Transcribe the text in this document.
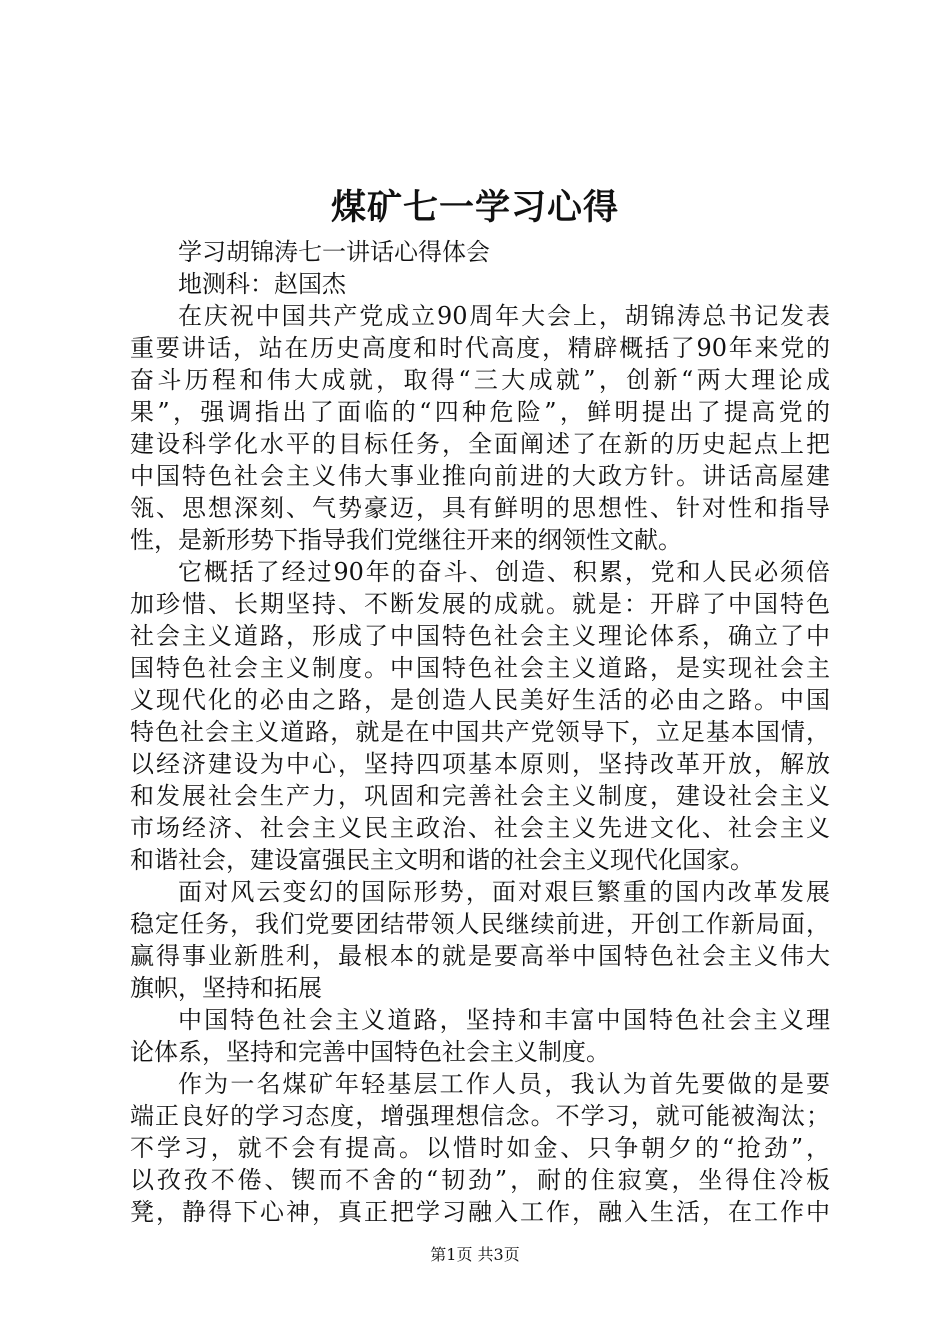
煤矿七一学习心得
学习胡锦涛七一讲话心得体会
地测科：赵国杰
在庆祝中国共产党成立90周年大会上，胡锦涛总书记发表
重要讲话，站在历史高度和时代高度，精辟概括了90年来党的
奋斗历程和伟大成就，取得“三大成就”，创新“两大理论成
果”，强调指出了面临的“四种危险”，鲜明提出了提高党的
建设科学化水平的目标任务，全面阐述了在新的历史起点上把
中国特色社会主义伟大事业推向前进的大政方针。讲话高屋建
瓴、思想深刻、气势豪迈，具有鲜明的思想性、针对性和指导
性，是新形势下指导我们党继往开来的纲领性文献。
它概括了经过90年的奋斗、创造、积累，党和人民必须倍
加珍惜、长期坚持、不断发展的成就。就是：开辟了中国特色
社会主义道路，形成了中国特色社会主义理论体系，确立了中
国特色社会主义制度。中国特色社会主义道路，是实现社会主
义现代化的必由之路，是创造人民美好生活的必由之路。中国
特色社会主义道路，就是在中国共产党领导下，立足基本国情，
以经济建设为中心，坚持四项基本原则，坚持改革开放，解放
和发展社会生产力，巩固和完善社会主义制度，建设社会主义
市场经济、社会主义民主政治、社会主义先进文化、社会主义
和谐社会，建设富强民主文明和谐的社会主义现代化国家。
面对风云变幻的国际形势，面对艰巨繁重的国内改革发展
稳定任务，我们党要团结带领人民继续前进，开创工作新局面，
赢得事业新胜利，最根本的就是要高举中国特色社会主义伟大
旗帜，坚持和拓展
中国特色社会主义道路，坚持和丰富中国特色社会主义理
论体系，坚持和完善中国特色社会主义制度。
作为一名煤矿年轻基层工作人员，我认为首先要做的是要
端正良好的学习态度，增强理想信念。不学习，就可能被淘汰；
不学习，就不会有提高。以惜时如金、只争朝夕的“抢劲”，
以孜孜不倦、锲而不舍的“韧劲”，耐的住寂寞，坐得住冷板
凳，静得下心神，真正把学习融入工作，融入生活，在工作中
第1页 共3页
